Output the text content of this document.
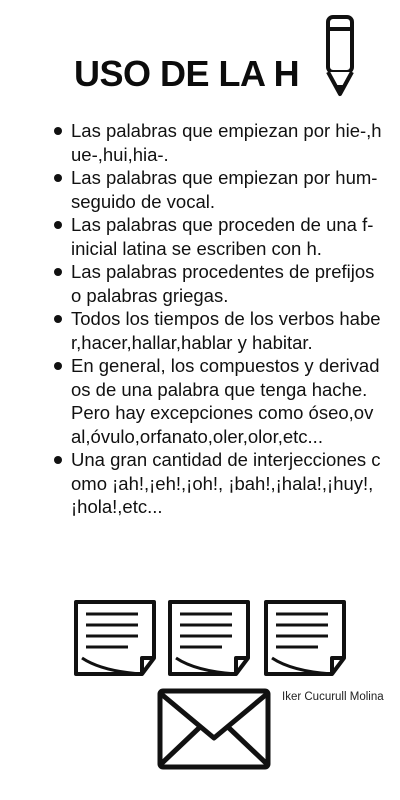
USO DE LA H
Las palabras que empiezan por hie-,hue-,hui,hia-.
Las palabras que empiezan por hum- seguido de vocal.
Las palabras que proceden de una f- inicial latina se escriben con h.
Las palabras procedentes de prefijos o palabras griegas.
Todos los tiempos de los verbos haber,hacer,hallar,hablar y habitar.
En general, los compuestos y derivados de una palabra que tenga hache. Pero hay excepciones como óseo,oval,óvulo,orfanato,oler,olor,etc...
Una gran cantidad de interjecciones como ¡ah!,¡eh!,¡oh!, ¡bah!,¡hala!,¡huy!,¡hola!,etc...
Iker Cucurull Molina
